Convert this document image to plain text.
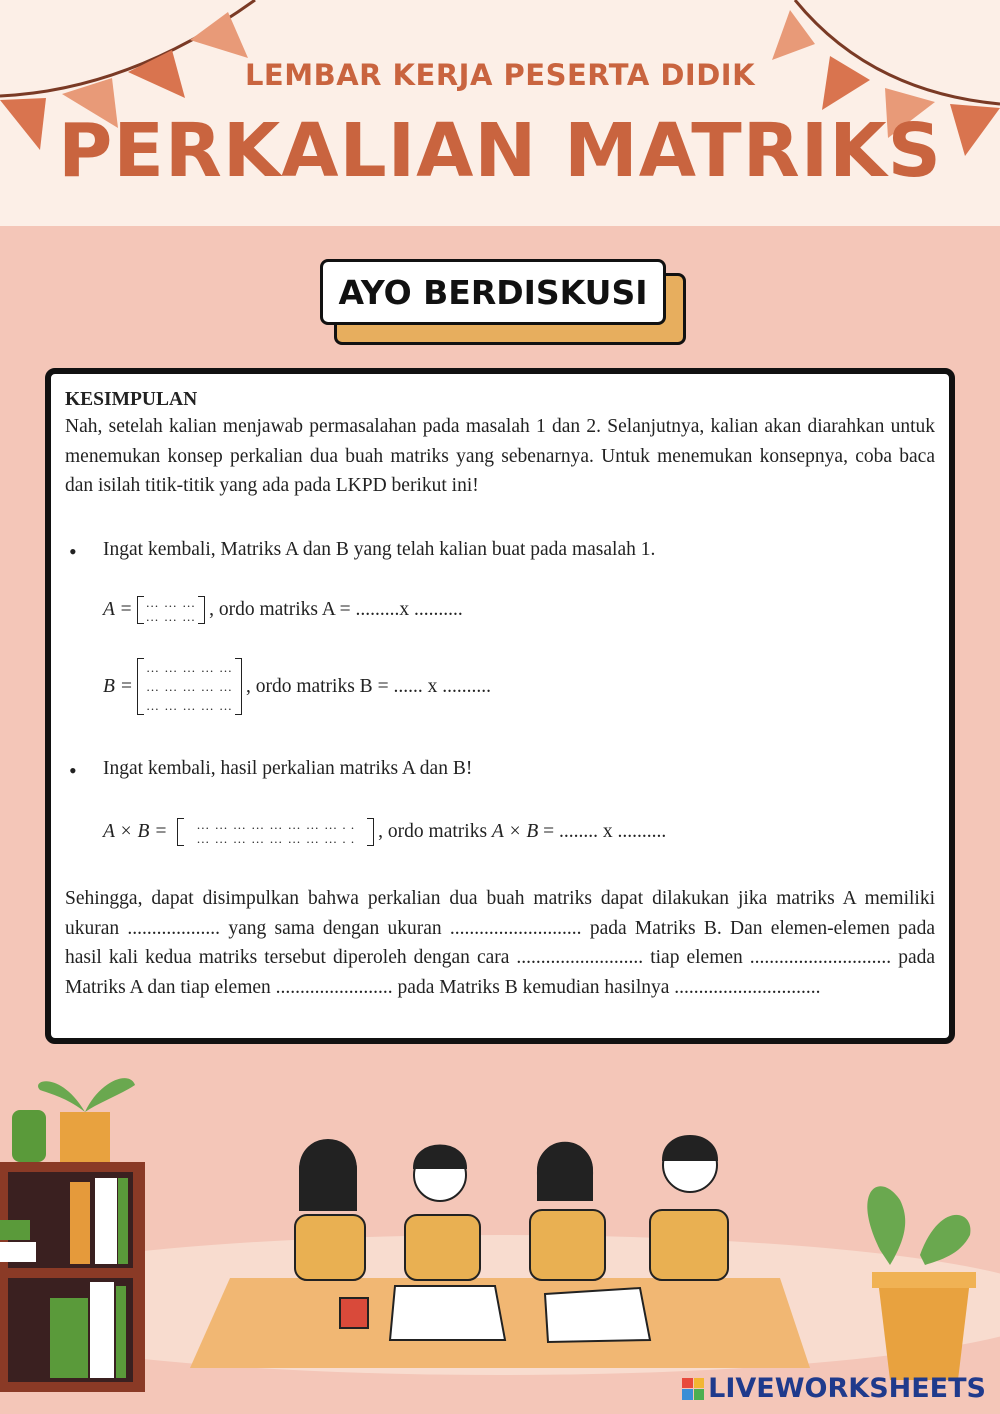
LEMBAR KERJA PESERTA DIDIK
PERKALIAN MATRIKS
AYO BERDISKUSI
KESIMPULAN

Nah, setelah kalian menjawab permasalahan pada masalah 1 dan 2. Selanjutnya, kalian akan diarahkan untuk menemukan konsep perkalian dua buah matriks yang sebenarnya. Untuk menemukan konsepnya, coba baca dan isilah titik-titik yang ada pada LKPD berikut ini!

• Ingat kembali, Matriks A dan B yang telah kalian buat pada masalah 1.
A = … … …
… … … , ordo matriks A = .........x ..........
B =
… … … … …
… … … … …
… … … … …
, ordo matriks B = ...... x ..........
• Ingat kembali, hasil perkalian matriks A dan B!
A × B = … … … … … … … … . .
… … … … … … … … . . , ordo matriks A × B = ........ x ..........

Sehingga, dapat disimpulkan bahwa perkalian dua buah matriks dapat dilakukan jika matriks A memiliki ukuran ................... yang sama dengan ukuran ........................... pada Matriks B. Dan elemen-elemen pada hasil kali kedua matriks tersebut diperoleh dengan cara .......................... tiap elemen ............................. pada Matriks A dan tiap elemen ........................ pada Matriks B kemudian hasilnya ..............................

LIVEWORKSHEETS
